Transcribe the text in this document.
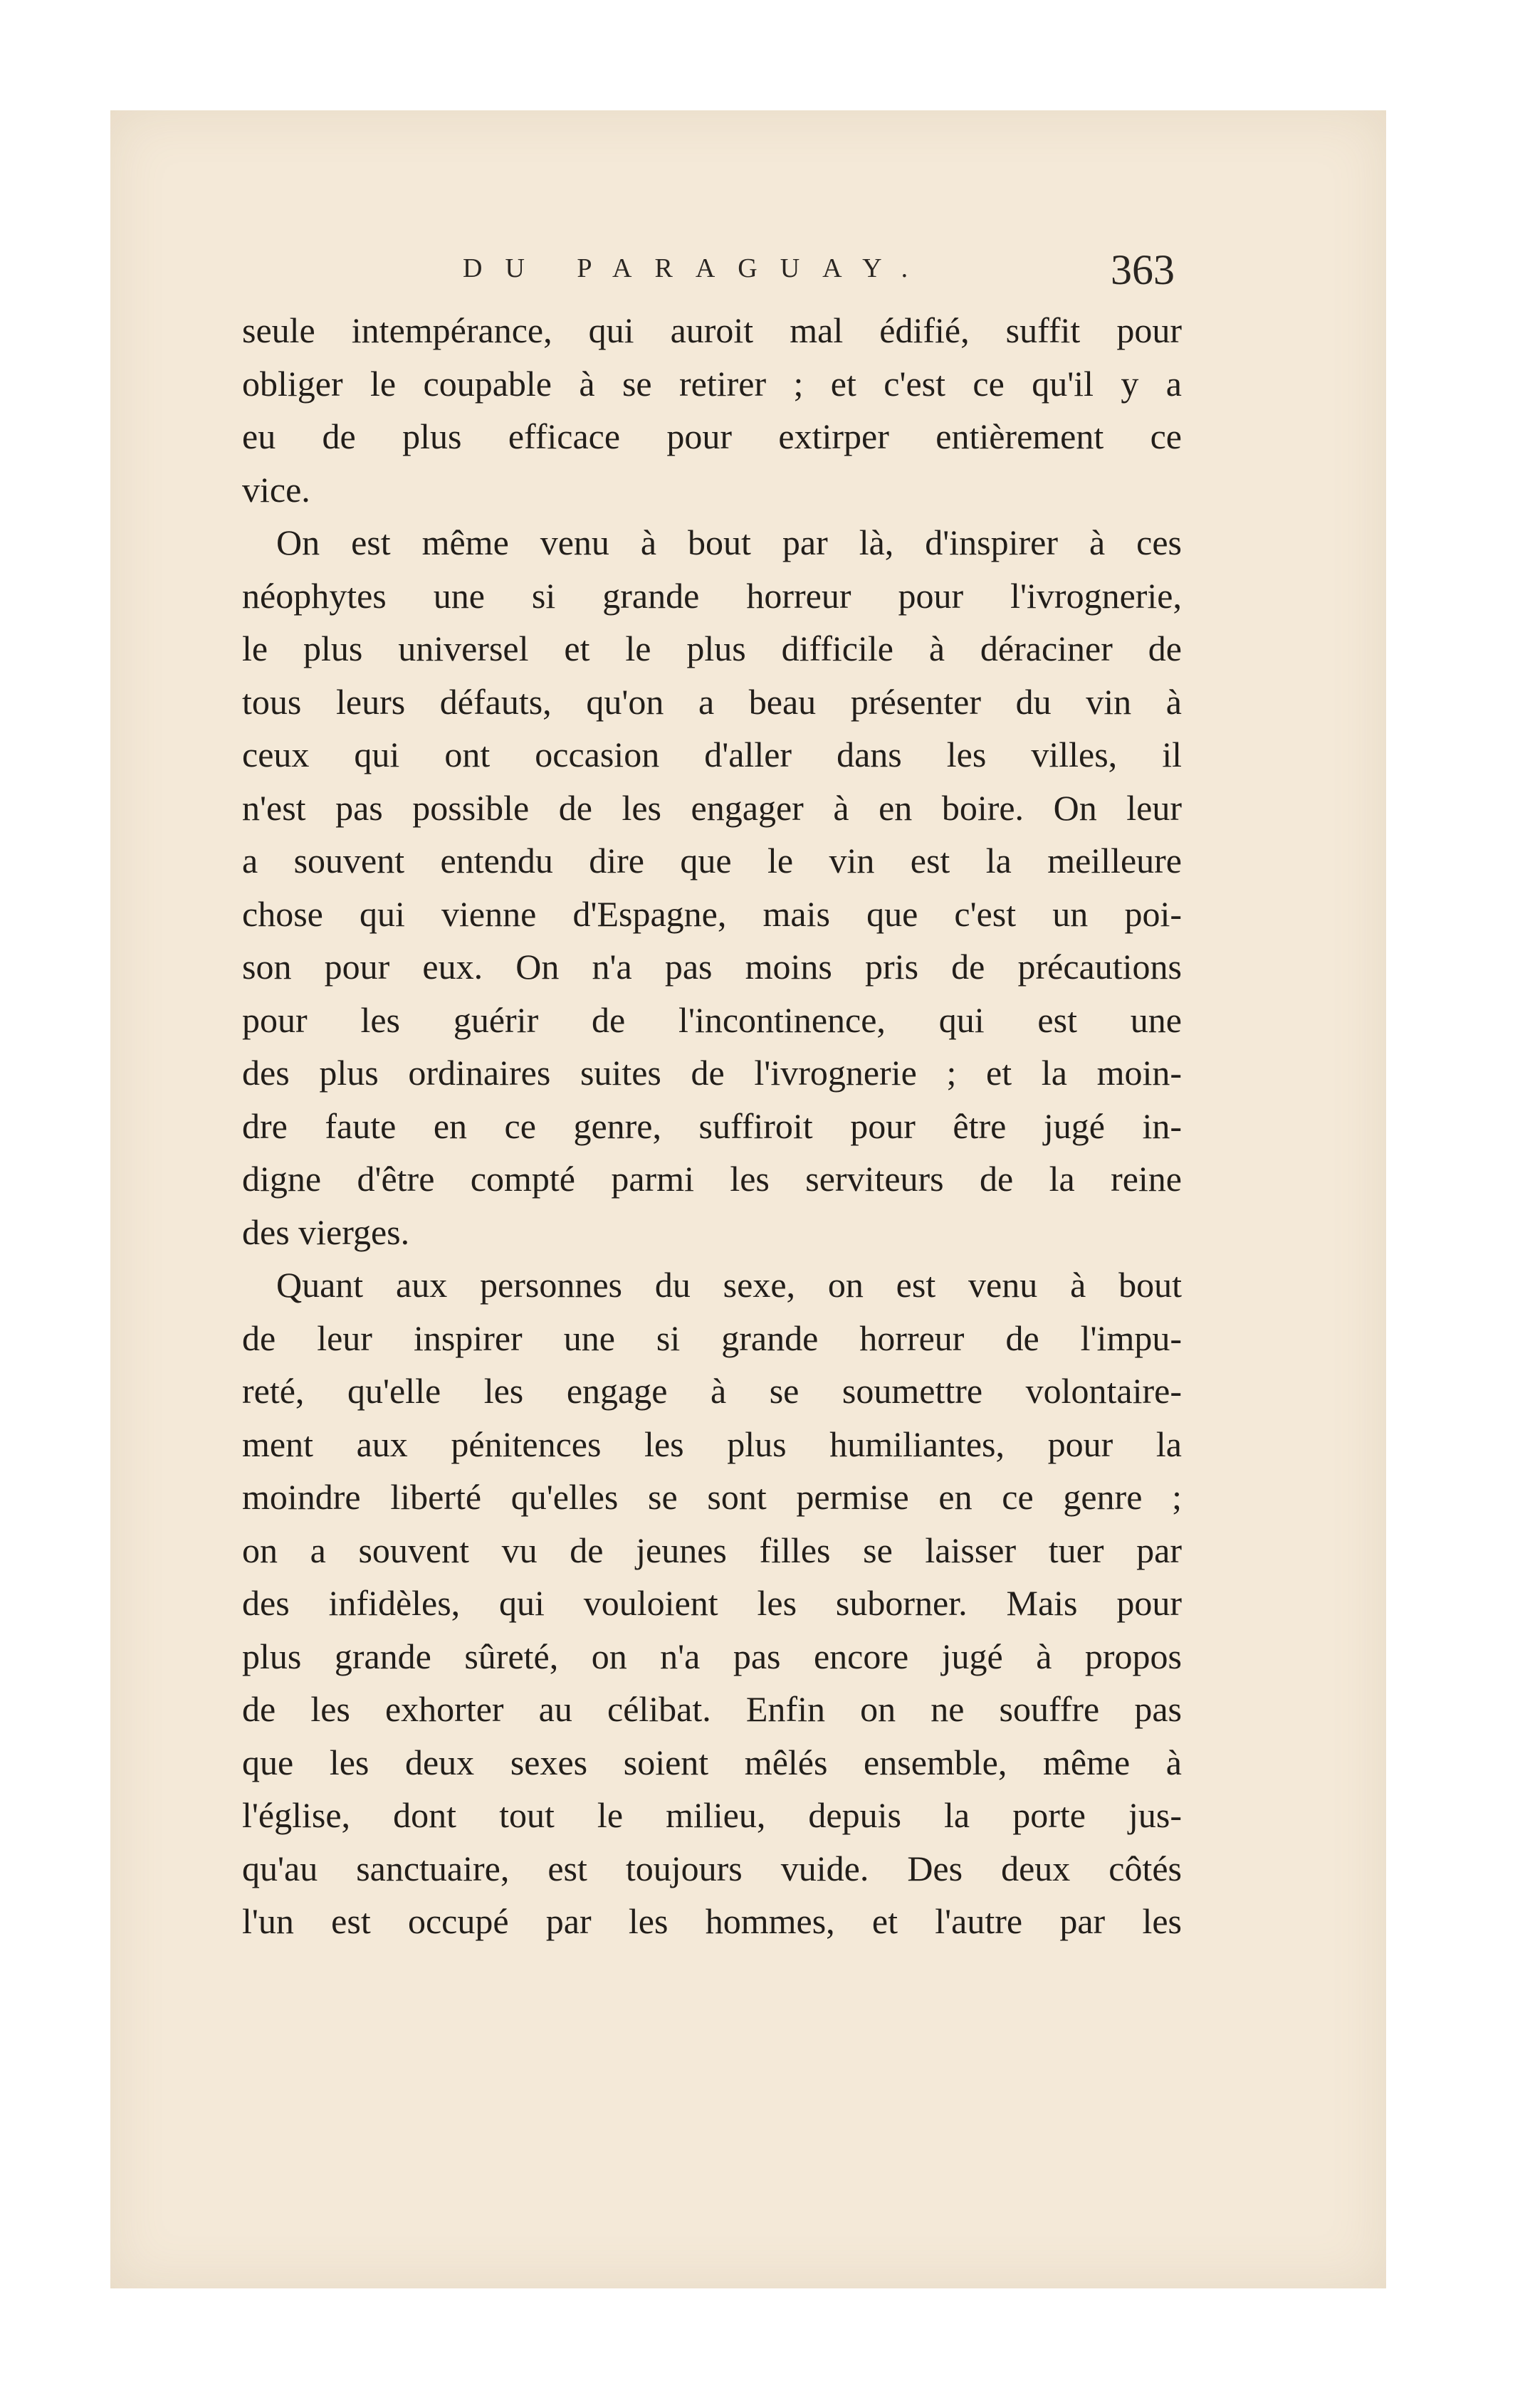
DU PARAGUAY.	363
seule intempérance, qui auroit mal édifié, suffit pour
obliger le coupable à se retirer ; et c'est ce qu'il y a
eu de plus efficace pour extirper entièrement ce
vice.
On est même venu à bout par là, d'inspirer à ces
néophytes une si grande horreur pour l'ivrognerie,
le plus universel et le plus difficile à déraciner de
tous leurs défauts, qu'on a beau présenter du vin à
ceux qui ont occasion d'aller dans les villes, il
n'est pas possible de les engager à en boire. On leur
a souvent entendu dire que le vin est la meilleure
chose qui vienne d'Espagne, mais que c'est un poi-
son pour eux. On n'a pas moins pris de précautions
pour les guérir de l'incontinence, qui est une
des plus ordinaires suites de l'ivrognerie ; et la moin-
dre faute en ce genre, suffiroit pour être jugé in-
digne d'être compté parmi les serviteurs de la reine
des vierges.
Quant aux personnes du sexe, on est venu à bout
de leur inspirer une si grande horreur de l'impu-
reté, qu'elle les engage à se soumettre volontaire-
ment aux pénitences les plus humiliantes, pour la
moindre liberté qu'elles se sont permise en ce genre ;
on a souvent vu de jeunes filles se laisser tuer par
des infidèles, qui vouloient les suborner. Mais pour
plus grande sûreté, on n'a pas encore jugé à propos
de les exhorter au célibat. Enfin on ne souffre pas
que les deux sexes soient mêlés ensemble, même à
l'église, dont tout le milieu, depuis la porte jus-
qu'au sanctuaire, est toujours vuide. Des deux côtés
l'un est occupé par les hommes, et l'autre par les
